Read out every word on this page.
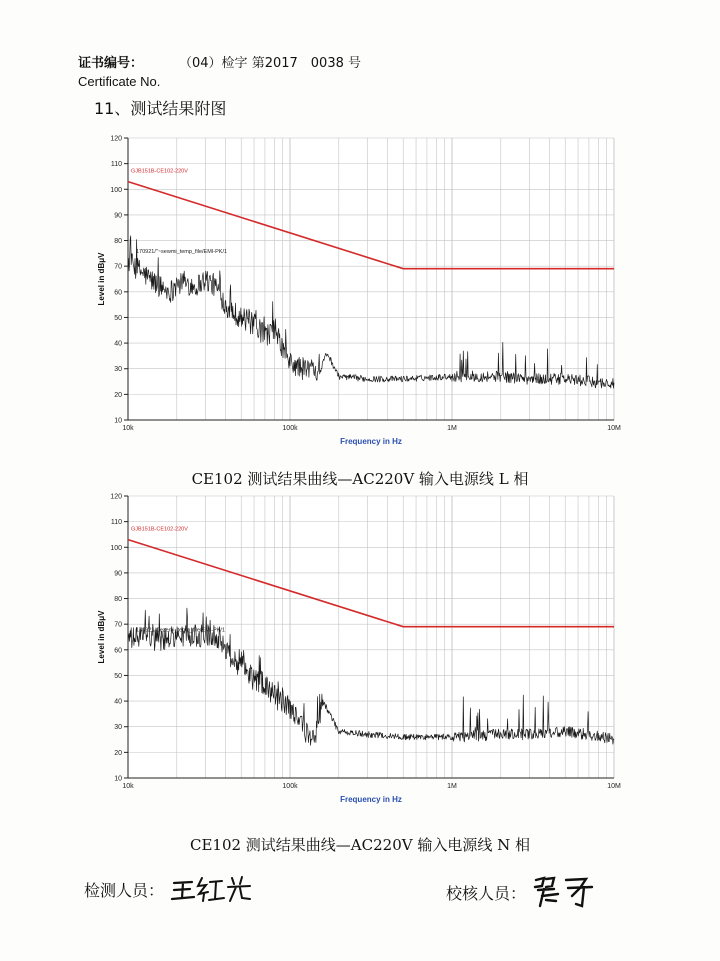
证书编号：	（04）检字 第2017　0038 号
Certificate No.
11、测试结果附图
10
20
30
40
50
60
70
80
90
100
110
120
10k	100k	1M	10M
Frequency in Hz
Level in dBμV
GJB151B-CE102-220V
170921/"~sewmi_temp_file/EMI-PK/1
CE102 测试结果曲线—AC220V 输入电源线 L 相
10
20
30
40
50
60
70
80
90
100
110
120
10k	100k	1M	10M
Frequency in Hz
Level in dBμV
GJB151B-CE102-220V
170921/Cezemi_temp_file/EMI-PK/1
CE102 测试结果曲线—AC220V 输入电源线 N 相
检测人员：	校核人员：
